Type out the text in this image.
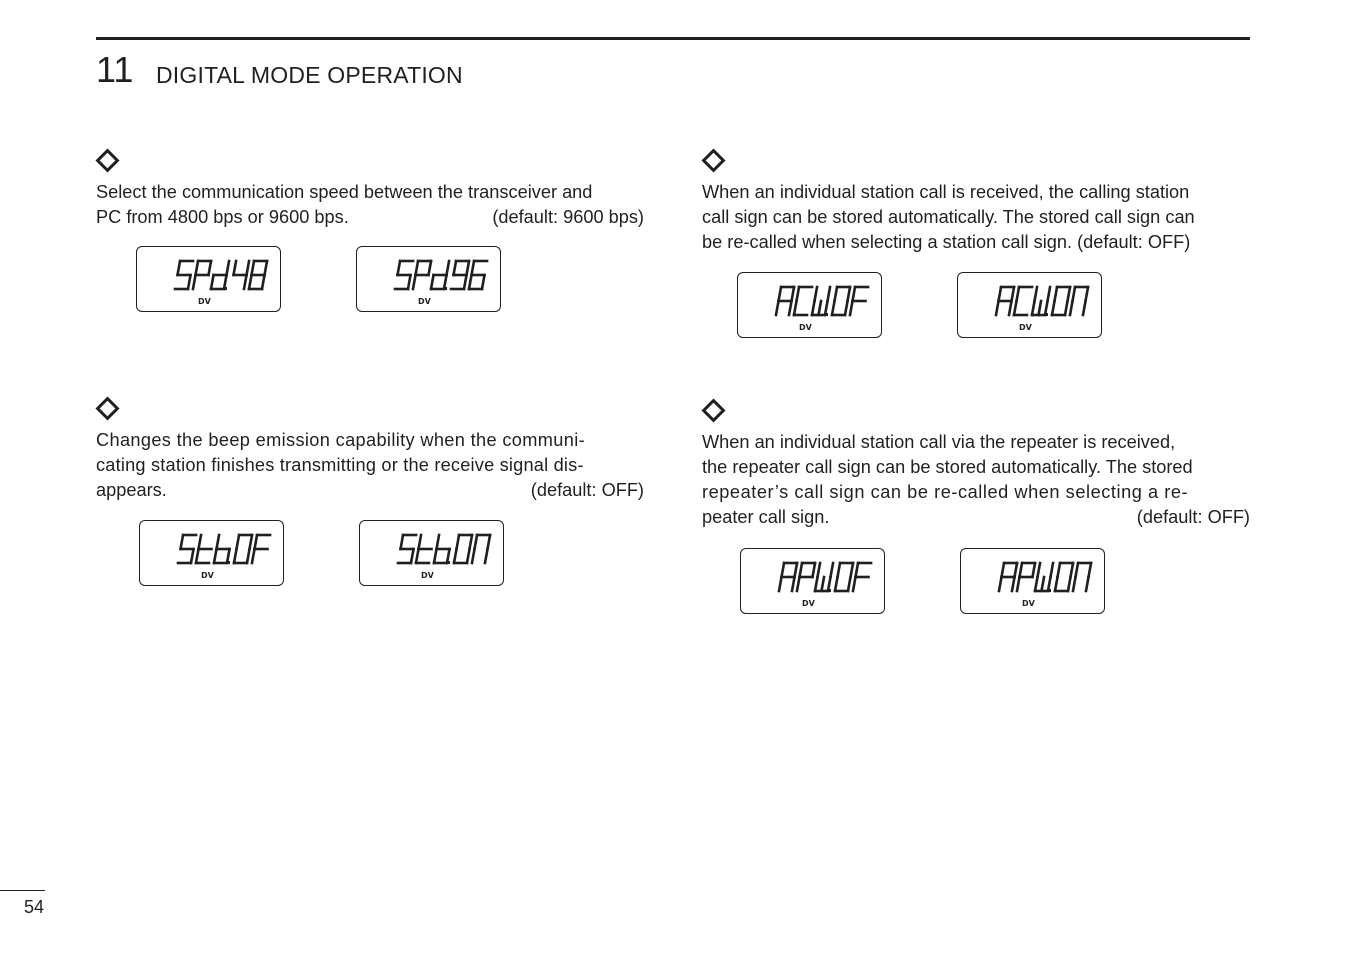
11 DIGITAL MODE OPERATION
Select the communication speed between the transceiver and
PC from 4800 bps or 9600 bps.	(default: 9600 bps)
DV	DV
Changes the beep emission capability when the communi-
cating station finishes transmitting or the receive signal dis-
appears.	(default: OFF)
DV	DV
When an individual station call is received, the calling station
call sign can be stored automatically. The stored call sign can
be re-called when selecting a station call sign. (default: OFF)
DV	DV
When an individual station call via the repeater is received,
the repeater call sign can be stored automatically. The stored
repeater’s call sign can be re-called when selecting a re-
peater call sign.	(default: OFF)
DV	DV
54
